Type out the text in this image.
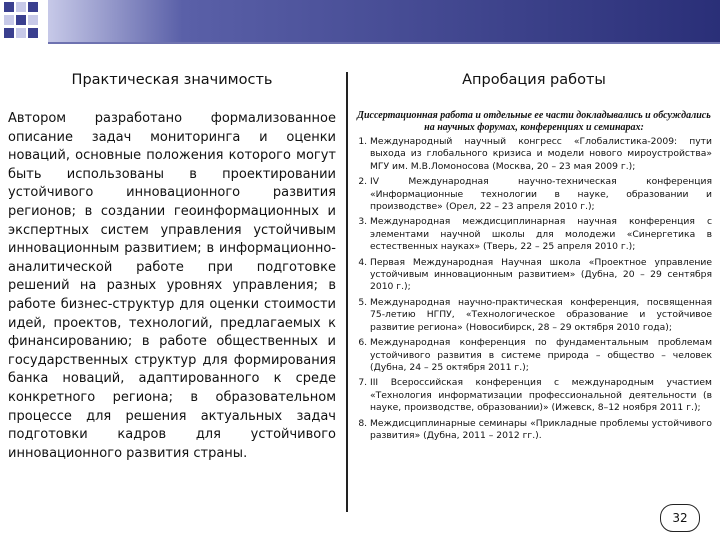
Практическая значимость

Автором разработано формализованное описание задач мониторинга и оценки новаций, основные положения которого могут быть использованы в проектировании устойчивого инновационного развития регионов; в создании геоинформационных и экспертных систем управления устойчивым инновационным развитием; в информационно-аналитической работе при подготовке решений на разных уровнях управления; в работе бизнес-структур для оценки стоимости идей, проектов, технологий, предлагаемых к финансированию; в работе общественных и государственных структур для формирования банка новаций, адаптированного к среде конкретного региона; в образовательном процессе для решения актуальных задач подготовки кадров для устойчивого инновационного развития страны.

Апробация работы

Диссертационная работа и отдельные ее части докладывались и обсуждались на научных форумах, конференциях и семинарах:

1. Международный научный конгресс «Глобалистика-2009: пути выхода из глобального кризиса и модели нового мироустройства» МГУ им. М.В.Ломоносова (Москва, 20 – 23 мая 2009 г.);
2. IV Международная научно-техническая конференция «Информационные технологии в науке, образовании и производстве» (Орел, 22 – 23 апреля 2010 г.);
3. Международная междисциплинарная научная конференция с элементами научной школы для молодежи «Синергетика в естественных науках» (Тверь, 22 – 25 апреля 2010 г.);
4. Первая Международная Научная школа «Проектное управление устойчивым инновационным развитием» (Дубна, 20 – 29 сентября 2010 г.);
5. Международная научно-практическая конференция, посвященная 75-летию НГПУ, «Технологическое образование и устойчивое развитие региона» (Новосибирск, 28 – 29 октября 2010 года);
6. Международная конференция по фундаментальным проблемам устойчивого развития в системе природа – общество – человек (Дубна, 24 – 25 октября 2011 г.);
7. III Всероссийская конференция с международным участием «Технология информатизации профессиональной деятельности (в науке, производстве, образовании)» (Ижевск, 8–12 ноября 2011 г.);
8. Междисциплинарные семинары «Прикладные проблемы устойчивого развития» (Дубна, 2011 – 2012 гг.).
32
